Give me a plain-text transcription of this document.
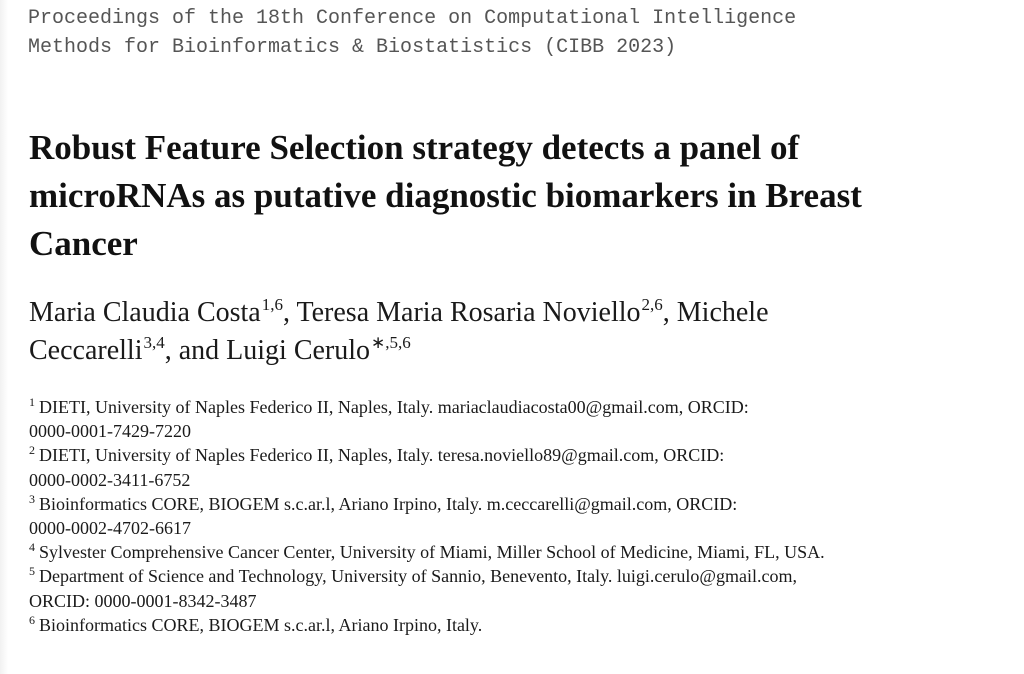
Proceedings of the 18th Conference on Computational Intelligence
Methods for Bioinformatics & Biostatistics (CIBB 2023)
Robust Feature Selection strategy detects a panel of
microRNAs as putative diagnostic biomarkers in Breast
Cancer
Maria Claudia Costa$^{1,6}$, Teresa Maria Rosaria Noviello$^{2,6}$, Michele
Ceccarelli$^{3,4}$, and Luigi Cerulo$^{∗,5,6}$
$^1$ DIETI, University of Naples Federico II, Naples, Italy. mariaclaudiacosta00@gmail.com, ORCID:
0000-0001-7429-7220
$^2$ DIETI, University of Naples Federico II, Naples, Italy. teresa.noviello89@gmail.com, ORCID:
0000-0002-3411-6752
$^3$ Bioinformatics CORE, BIOGEM s.c.ar.l, Ariano Irpino, Italy. m.ceccarelli@gmail.com, ORCID:
0000-0002-4702-6617
$^4$ Sylvester Comprehensive Cancer Center, University of Miami, Miller School of Medicine, Miami, FL, USA.
$^5$ Department of Science and Technology, University of Sannio, Benevento, Italy. luigi.cerulo@gmail.com,
ORCID: 0000-0001-8342-3487
$^6$ Bioinformatics CORE, BIOGEM s.c.ar.l, Ariano Irpino, Italy.
